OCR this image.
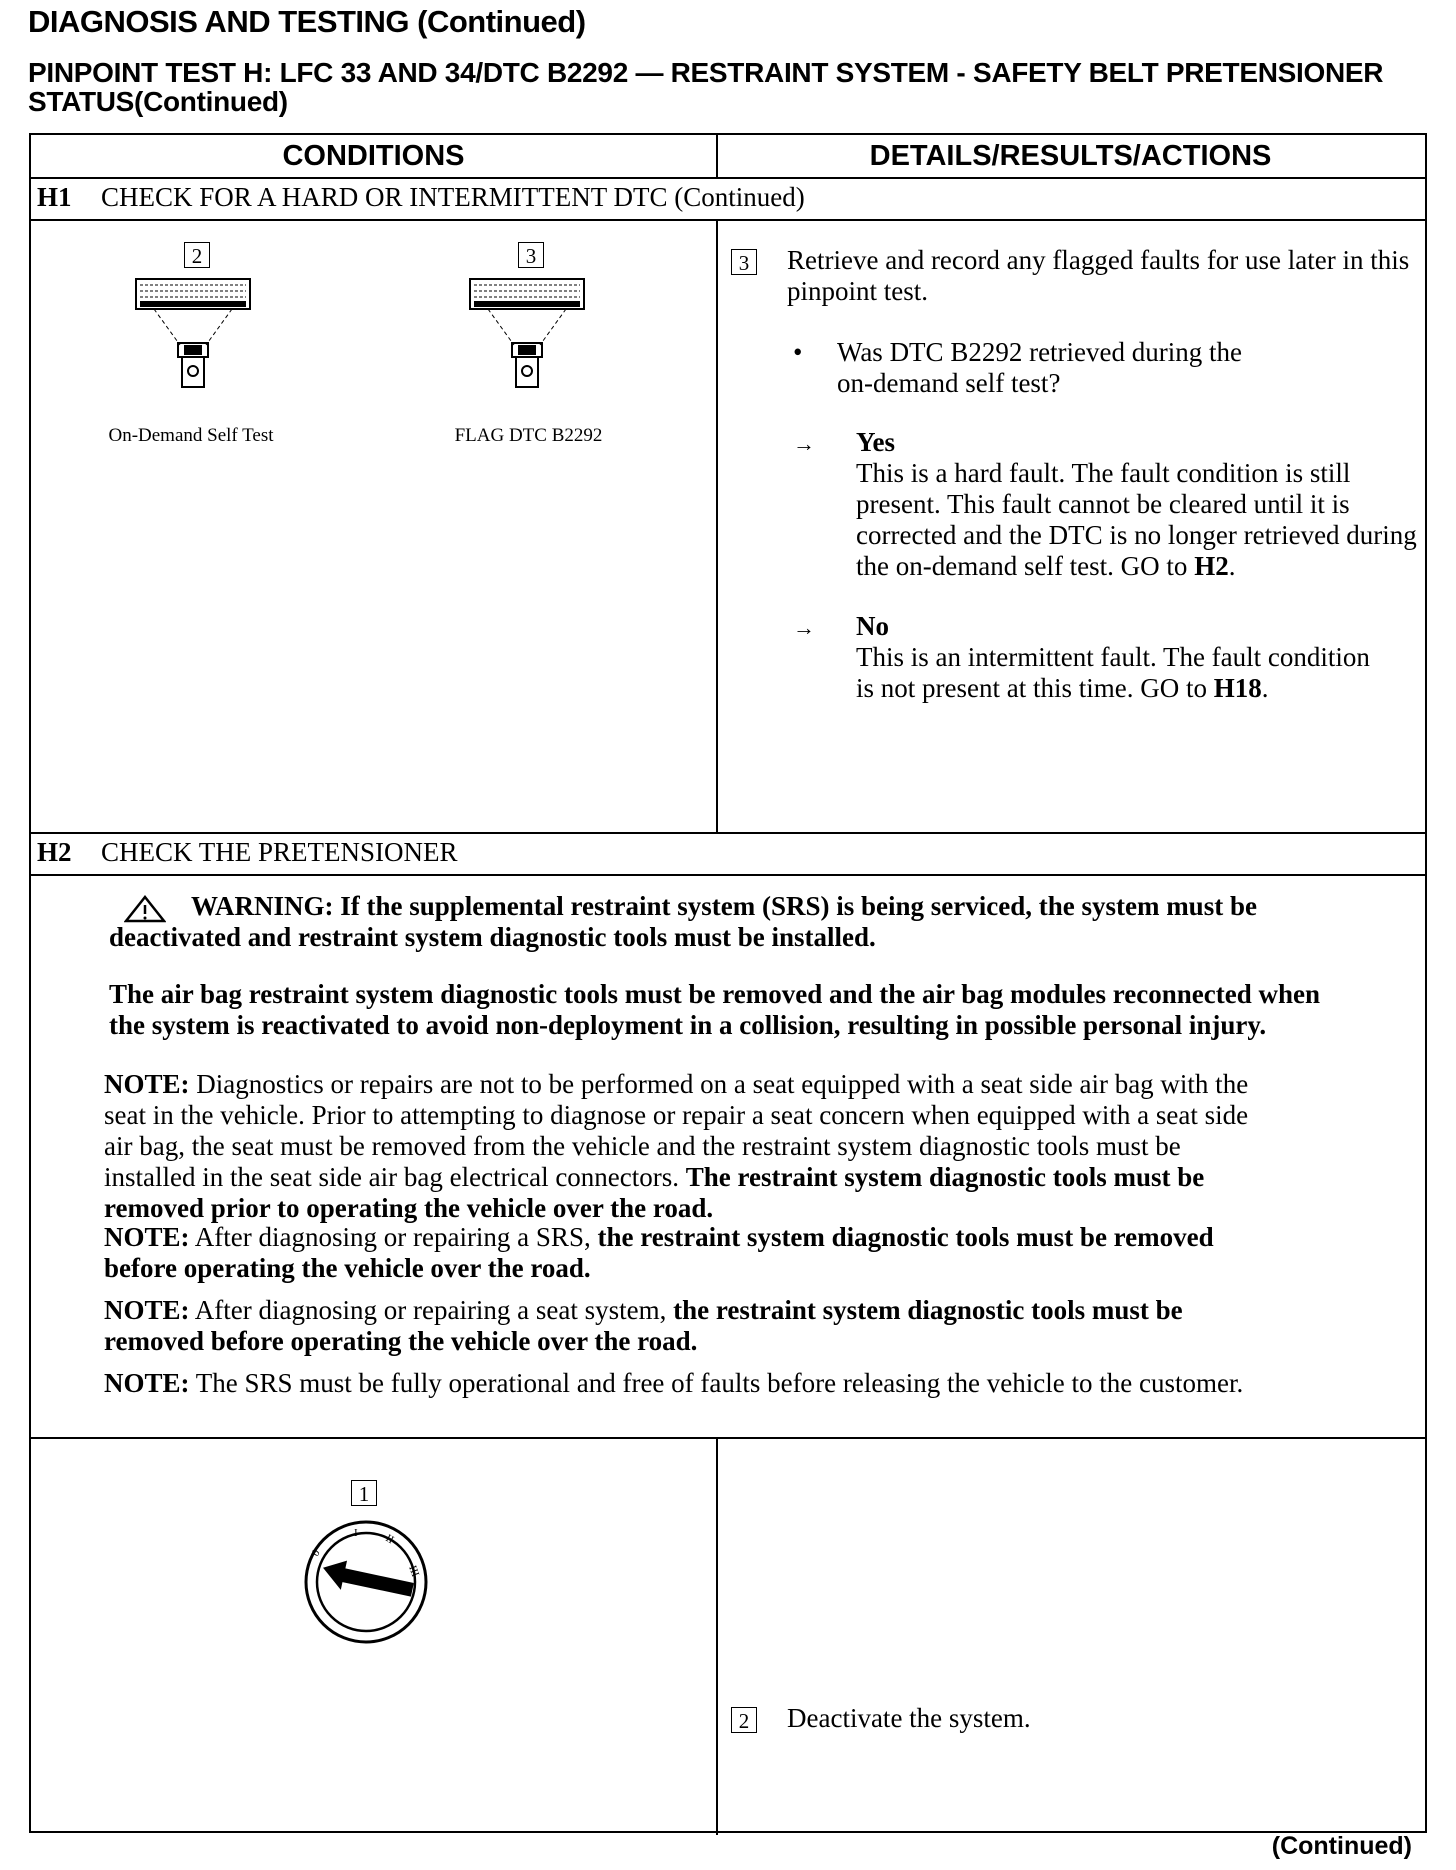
DIAGNOSIS AND TESTING (Continued)
PINPOINT TEST H: LFC 33 AND 34/DTC B2292 — RESTRAINT SYSTEM - SAFETY BELT PRETENSIONER STATUS(Continued)
CONDITIONS	DETAILS/RESULTS/ACTIONS
H1 CHECK FOR A HARD OR INTERMITTENT DTC (Continued)
2
On-Demand Self Test
3
FLAG DTC B2292
3 Retrieve and record any flagged faults for use later in this pinpoint test.
• Was DTC B2292 retrieved during the on-demand self test?
→ Yes
This is a hard fault. The fault condition is still present. This fault cannot be cleared until it is corrected and the DTC is no longer retrieved during the on-demand self test. GO to H2.
→ No
This is an intermittent fault. The fault condition is not present at this time. GO to H18.
H2 CHECK THE PRETENSIONER
WARNING: If the supplemental restraint system (SRS) is being serviced, the system must be deactivated and restraint system diagnostic tools must be installed.
The air bag restraint system diagnostic tools must be removed and the air bag modules reconnected when the system is reactivated to avoid non-deployment in a collision, resulting in possible personal injury.
NOTE: Diagnostics or repairs are not to be performed on a seat equipped with a seat side air bag with the seat in the vehicle. Prior to attempting to diagnose or repair a seat concern when equipped with a seat side air bag, the seat must be removed from the vehicle and the restraint system diagnostic tools must be installed in the seat side air bag electrical connectors. The restraint system diagnostic tools must be removed prior to operating the vehicle over the road.
NOTE: After diagnosing or repairing a SRS, the restraint system diagnostic tools must be removed before operating the vehicle over the road.
NOTE: After diagnosing or repairing a seat system, the restraint system diagnostic tools must be removed before operating the vehicle over the road.
NOTE: The SRS must be fully operational and free of faults before releasing the vehicle to the customer.
1
0
I II
III
2 Deactivate the system.
(Continued)
